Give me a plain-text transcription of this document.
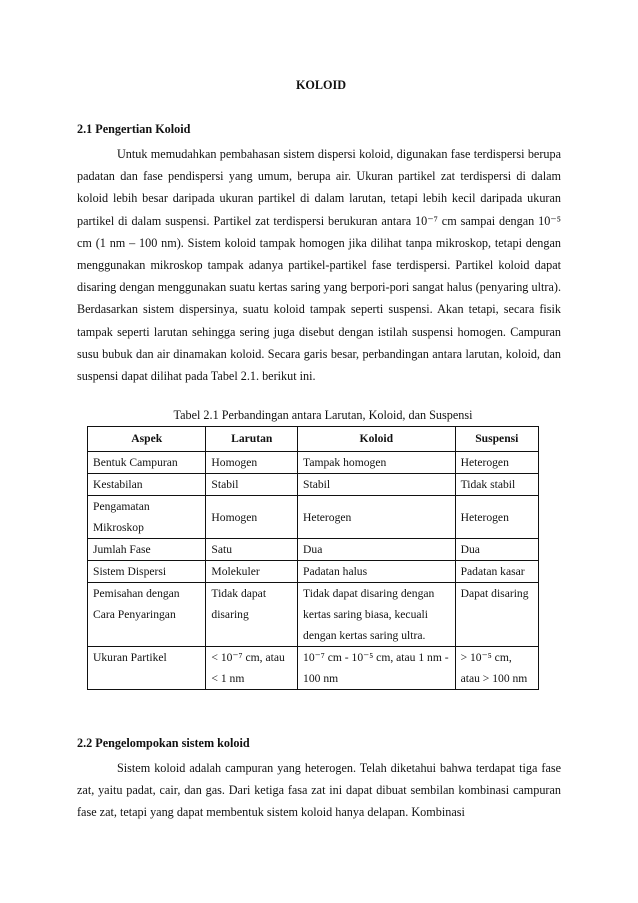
KOLOID
2.1 Pengertian Koloid

Untuk memudahkan pembahasan sistem dispersi koloid, digunakan fase terdispersi berupa padatan dan fase pendispersi yang umum, berupa air. Ukuran partikel zat terdispersi di dalam koloid lebih besar daripada ukuran partikel di dalam larutan, tetapi lebih kecil daripada ukuran partikel di dalam suspensi. Partikel zat terdispersi berukuran antara 10⁻⁷ cm sampai dengan 10⁻⁵ cm (1 nm – 100 nm). Sistem koloid tampak homogen jika dilihat tanpa mikroskop, tetapi dengan menggunakan mikroskop tampak adanya partikel-partikel fase terdispersi. Partikel koloid dapat disaring dengan menggunakan suatu kertas saring yang berpori-pori sangat halus (penyaring ultra). Berdasarkan sistem dispersinya, suatu koloid tampak seperti suspensi. Akan tetapi, secara fisik tampak seperti larutan sehingga sering juga disebut dengan istilah suspensi homogen. Campuran susu bubuk dan air dinamakan koloid. Secara garis besar, perbandingan antara larutan, koloid, dan suspensi dapat dilihat pada Tabel 2.1. berikut ini.

Tabel 2.1 Perbandingan antara Larutan, Koloid, dan Suspensi
Aspek	Larutan	Koloid	Suspensi
Bentuk Campuran	Homogen	Tampak homogen	Heterogen
Kestabilan	Stabil	Stabil	Tidak stabil
Pengamatan Mikroskop	Homogen	Heterogen	Heterogen
Jumlah Fase	Satu	Dua	Dua
Sistem Dispersi	Molekuler	Padatan halus	Padatan kasar
Pemisahan dengan Cara Penyaringan	Tidak dapat disaring	Tidak dapat disaring dengan kertas saring biasa, kecuali dengan kertas saring ultra.	Dapat disaring
Ukuran Partikel	< 10⁻⁷ cm, atau < 1 nm	10⁻⁷ cm - 10⁻⁵ cm, atau 1 nm - 100 nm	> 10⁻⁵ cm, atau > 100 nm
2.2 Pengelompokan sistem koloid

Sistem koloid adalah campuran yang heterogen. Telah diketahui bahwa terdapat tiga fase zat, yaitu padat, cair, dan gas. Dari ketiga fasa zat ini dapat dibuat sembilan kombinasi campuran fase zat, tetapi yang dapat membentuk sistem koloid hanya delapan. Kombinasi
